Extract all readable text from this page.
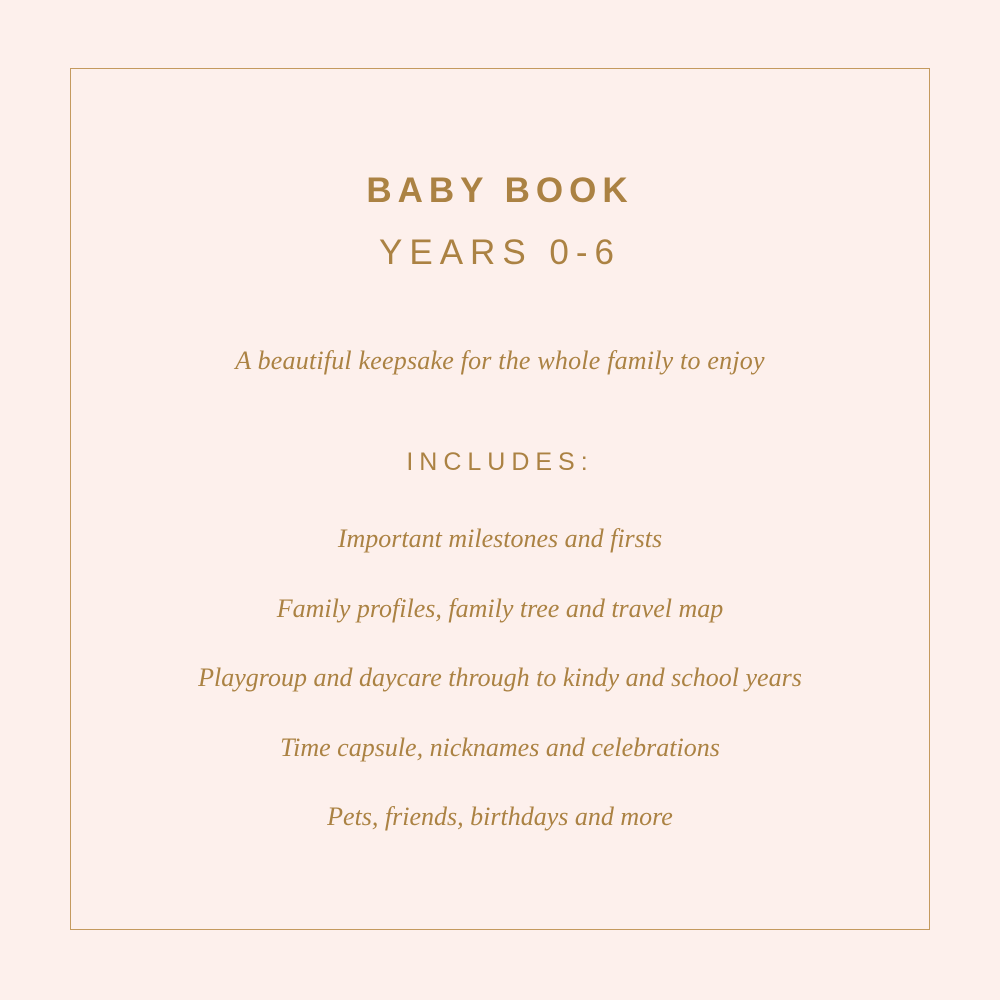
BABY BOOK
YEARS 0-6
A beautiful keepsake for the whole family to enjoy
INCLUDES:
Important milestones and firsts
Family profiles, family tree and travel map
Playgroup and daycare through to kindy and school years
Time capsule, nicknames and celebrations
Pets, friends, birthdays and more
